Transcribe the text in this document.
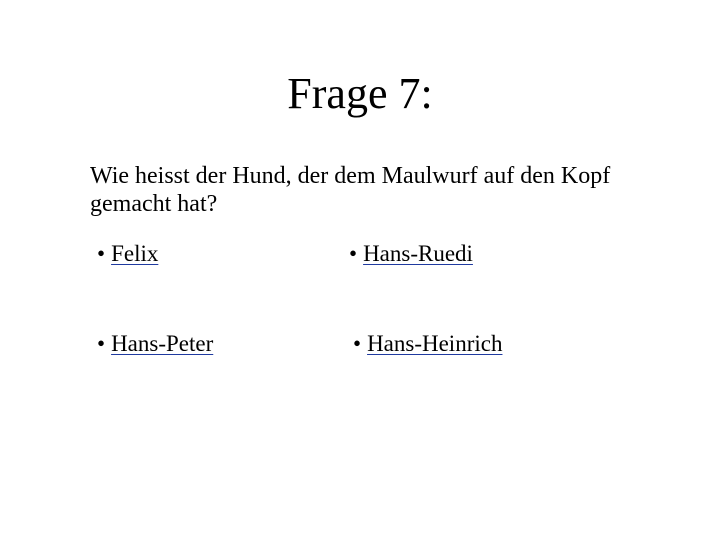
Frage 7:
Wie heisst der Hund, der dem Maulwurf auf den Kopf gemacht hat?
• Felix	• Hans-Ruedi
• Hans-Peter	• Hans-Heinrich
